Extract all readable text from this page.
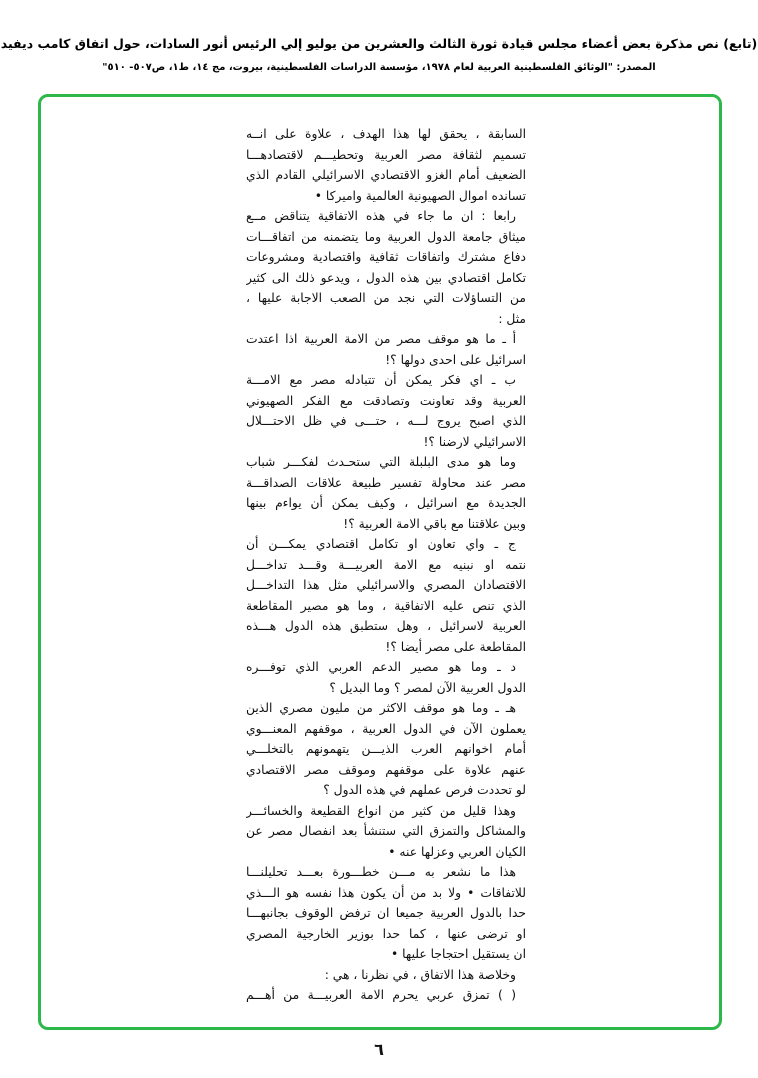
(تابع) نص مذكرة بعض أعضاء مجلس قيادة ثورة الثالث والعشرين من يوليو إلي الرئيس أنور السادات، حول اتفاق كامب ديفيد
المصدر: "الوثائق الفلسطينية العربية لعام ١٩٧٨، مؤسسة الدراسات الفلسطينية، بيروت، مج ١٤، ط١، ص٥٠٧- ٥١٠"
السابقة ، يحقق لها هذا الهدف ، علاوة على انــه
تسميم لثقافة مصر العربية وتحطيـــم لاقتصادهـــا
الضعيف أمام الغزو الاقتصادي الاسرائيلي القادم الذي
تسانده اموال الصهيونية العالمية واميركا •
رابعا : ان ما جاء في هذه الاتفاقية يتناقض مــع
ميثاق جامعة الدول العربية وما يتضمنه من اتفاقـــات
دفاع مشترك واتفاقات ثقافية واقتصادية ومشروعات
تكامل اقتصادي بين هذه الدول ، ويدعو ذلك الى كثير
من التساؤلات التي نجد من الصعب الاجابة عليها ،
مثل :
أ ـ ما هو موقف مصر من الامة العربية اذا اعتدت
اسرائيل على احدى دولها ؟!
ب ـ اي فكر يمكن أن تتبادله مصر مع الامـــة
العربية وقد تعاونت وتصادقت مع الفكر الصهيوني
الذي اصبح يروج لـــه ، حتـــى في ظل الاحتـــلال
الاسرائيلي لارضنا ؟!
وما هو مدى البلبلة التي ستحـدث لفكـــر شباب
مصر عند محاولة تفسير طبيعة علاقات الصداقـــة
الجديدة مع اسرائيل ، وكيف يمكن أن يواءم بينها
وبين علاقتنا مع باقي الامة العربية ؟!
ج ـ واي تعاون او تكامل اقتصادي يمكـــن أن
نتمه او نبنيه مع الامة العربيـــة وقـــد تداخـــل
الاقتصادان المصري والاسرائيلي مثل هذا التداخـــل
الذي تنص عليه الاتفاقية ، وما هو مصير المقاطعة
العربية لاسرائيل ، وهل ستطبق هذه الدول هـــذه
المقاطعة على مصر أيضا ؟!
د ـ وما هو مصير الدعم العربي الذي توفـــره
الدول العربية الآن لمصر ؟ وما البديل ؟
هـ ـ وما هو موقف الاكثر من مليون مصري الذين
يعملون الآن في الدول العربية ، موقفهم المعنـــوي
أمام اخوانهم العرب الذيـــن يتهمونهم بالتخلـــي
عنهم علاوة على موقفهم وموقف مصر الاقتصادي
لو تحددت فرص عملهم في هذه الدول ؟
وهذا قليل من كثير من انواع القطيعة والخسائـــر
والمشاكل والتمزق التي ستنشأ بعد انفصال مصر عن
الكيان العربي وعزلها عنه •
هذا ما نشعر به مـــن خطـــورة بعـــد تحليلنـــا
للاتفاقات • ولا بد من أن يكون هذا نفسه هو الـــذي
حدا بالدول العربية جميعا ان ترفض الوقوف بجانبهـــا
او ترضى عنها ، كما حدا بوزير الخارجية المصري
ان يستقيل احتجاجا عليها •
وخلاصة هذا الاتفاق ، في نظرنا ، هي :
( ) تمزق عربي يحرم الامة العربيـــة من أهـــم
٦
